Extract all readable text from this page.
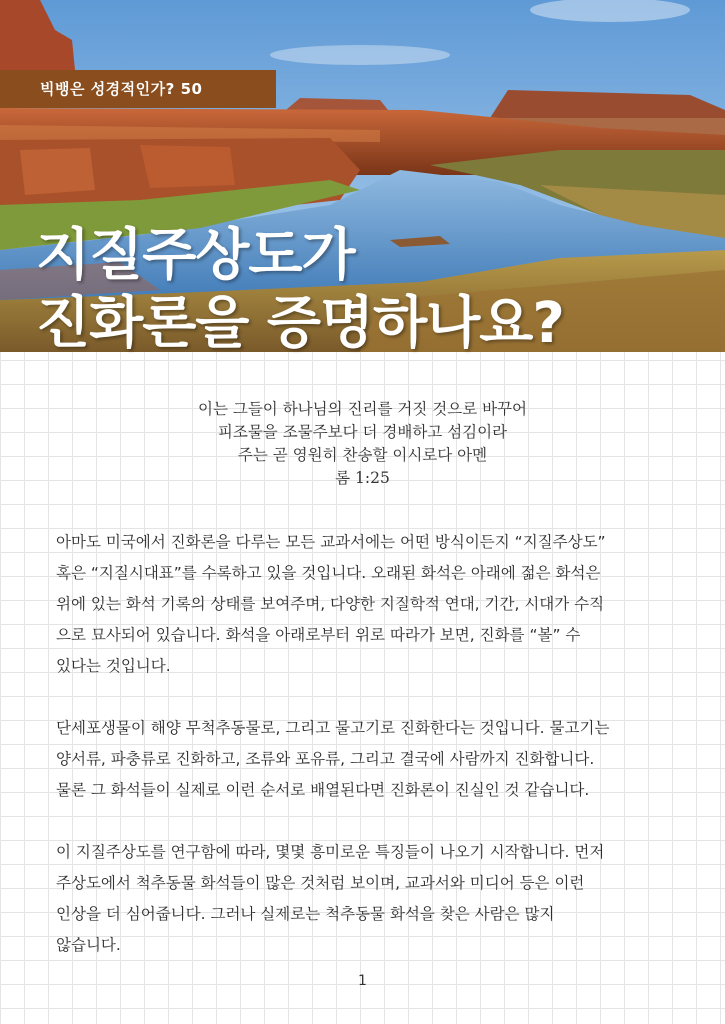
빅뱅은 성경적인가? 50
지질주상도가
진화론을 증명하나요?
이는 그들이 하나님의 진리를 거짓 것으로 바꾸어
피조물을 조물주보다 더 경배하고 섬김이라
주는 곧 영원히 찬송할 이시로다 아멘
롬 1:25

아마도 미국에서 진화론을 다루는 모든 교과서에는 어떤 방식이든지 “지질주상도”
혹은 “지질시대표”를 수록하고 있을 것입니다. 오래된 화석은 아래에 젊은 화석은
위에 있는 화석 기록의 상태를 보여주며, 다양한 지질학적 연대, 기간, 시대가 수직
으로 묘사되어 있습니다. 화석을 아래로부터 위로 따라가 보면, 진화를 “볼” 수
있다는 것입니다.

단세포생물이 해양 무척추동물로, 그리고 물고기로 진화한다는 것입니다. 물고기는
양서류, 파충류로 진화하고, 조류와 포유류, 그리고 결국에 사람까지 진화합니다.
물론 그 화석들이 실제로 이런 순서로 배열된다면 진화론이 진실인 것 같습니다.

이 지질주상도를 연구함에 따라, 몇몇 흥미로운 특징들이 나오기 시작합니다. 먼저
주상도에서 척추동물 화석들이 많은 것처럼 보이며, 교과서와 미디어 등은 이런
인상을 더 심어줍니다. 그러나 실제로는 척추동물 화석을 찾은 사람은 많지
않습니다.

1
